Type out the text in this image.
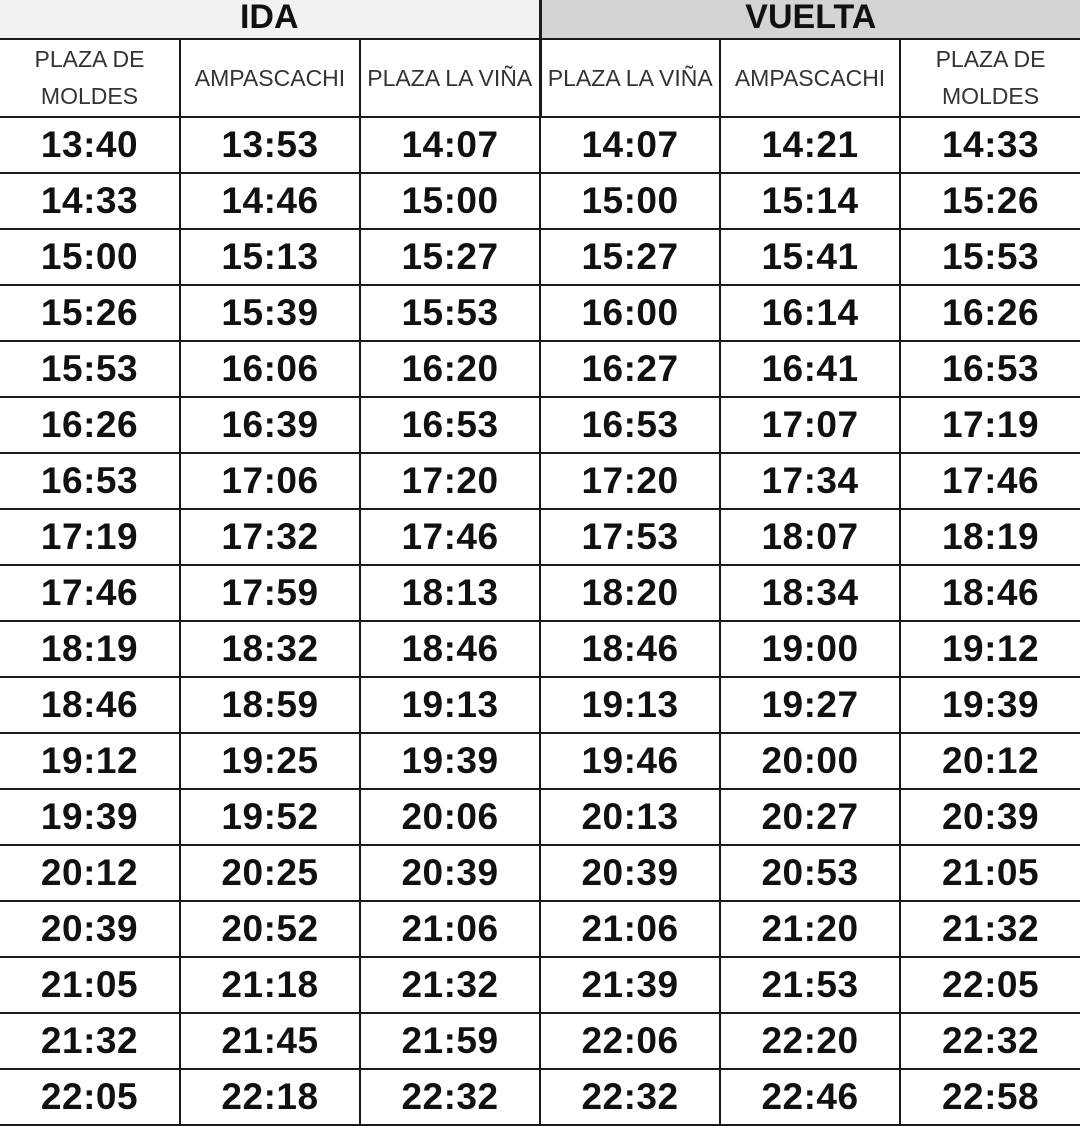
IDA			VUELTA		
PLAZA DE MOLDES	AMPASCACHI	PLAZA LA VIÑA	PLAZA LA VIÑA	AMPASCACHI	PLAZA DE MOLDES
13:40	13:53	14:07	14:07	14:21	14:33
14:33	14:46	15:00	15:00	15:14	15:26
15:00	15:13	15:27	15:27	15:41	15:53
15:26	15:39	15:53	16:00	16:14	16:26
15:53	16:06	16:20	16:27	16:41	16:53
16:26	16:39	16:53	16:53	17:07	17:19
16:53	17:06	17:20	17:20	17:34	17:46
17:19	17:32	17:46	17:53	18:07	18:19
17:46	17:59	18:13	18:20	18:34	18:46
18:19	18:32	18:46	18:46	19:00	19:12
18:46	18:59	19:13	19:13	19:27	19:39
19:12	19:25	19:39	19:46	20:00	20:12
19:39	19:52	20:06	20:13	20:27	20:39
20:12	20:25	20:39	20:39	20:53	21:05
20:39	20:52	21:06	21:06	21:20	21:32
21:05	21:18	21:32	21:39	21:53	22:05
21:32	21:45	21:59	22:06	22:20	22:32
22:05	22:18	22:32	22:32	22:46	22:58
